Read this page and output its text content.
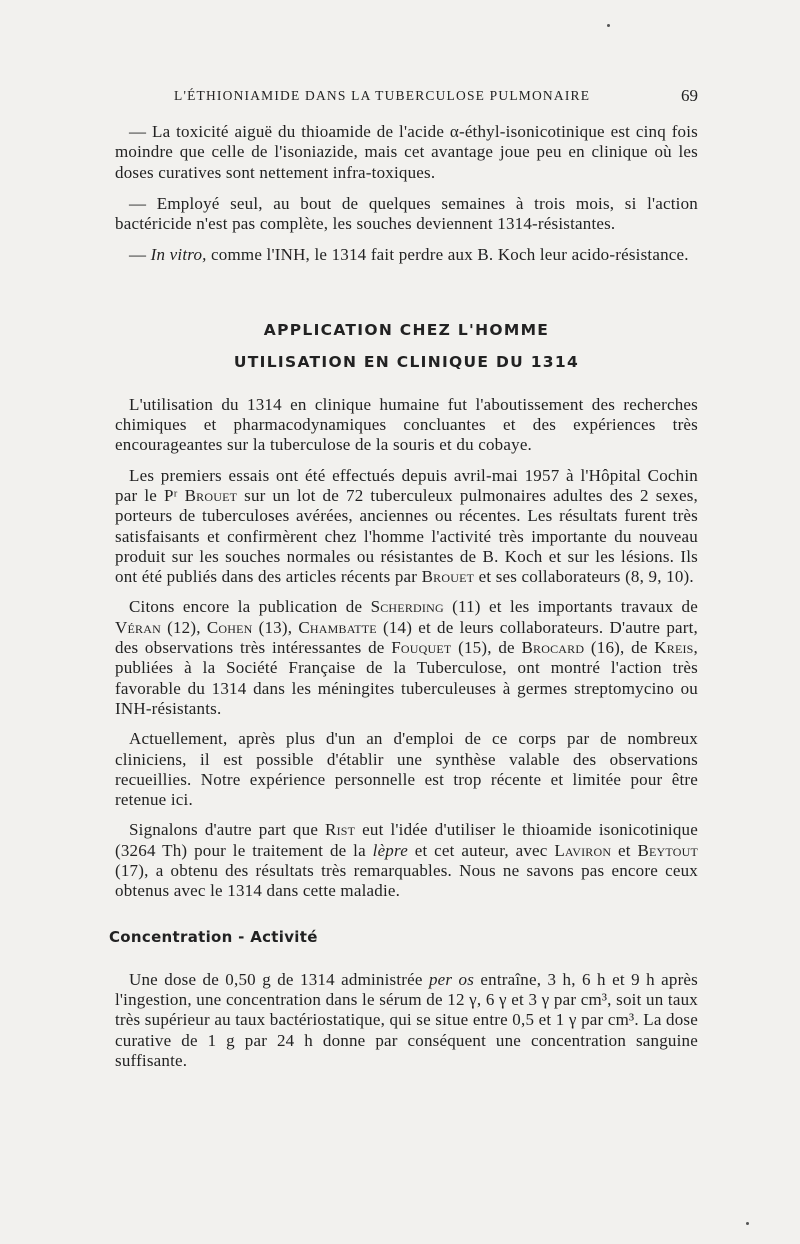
L'ÉTHIONIAMIDE DANS LA TUBERCULOSE PULMONAIRE	69

— La toxicité aiguë du thioamide de l'acide α-éthyl-isonicotinique est cinq fois moindre que celle de l'isoniazide, mais cet avantage joue peu en clinique où les doses curatives sont nettement infra-toxiques.

— Employé seul, au bout de quelques semaines à trois mois, si l'action bactéricide n'est pas complète, les souches deviennent 1314-résistantes.

— In vitro, comme l'INH, le 1314 fait perdre aux B. Koch leur acido-résistance.

APPLICATION CHEZ L'HOMME
UTILISATION EN CLINIQUE DU 1314

L'utilisation du 1314 en clinique humaine fut l'aboutissement des recherches chimiques et pharmacodynamiques concluantes et des expériences très encourageantes sur la tuberculose de la souris et du cobaye.

Les premiers essais ont été effectués depuis avril-mai 1957 à l'Hôpital Cochin par le Pʳ Brouet sur un lot de 72 tuberculeux pulmonaires adultes des 2 sexes, porteurs de tuberculoses avérées, anciennes ou récentes. Les résultats furent très satisfaisants et confirmèrent chez l'homme l'activité très importante du nouveau produit sur les souches normales ou résistantes de B. Koch et sur les lésions. Ils ont été publiés dans des articles récents par Brouet et ses collaborateurs (8, 9, 10).

Citons encore la publication de Scherding (11) et les importants travaux de Véran (12), Cohen (13), Chambatte (14) et de leurs collaborateurs. D'autre part, des observations très intéressantes de Fouquet (15), de Brocard (16), de Kreis, publiées à la Société Française de la Tuberculose, ont montré l'action très favorable du 1314 dans les méningites tuberculeuses à germes streptomycino ou INH-résistants.

Actuellement, après plus d'un an d'emploi de ce corps par de nombreux cliniciens, il est possible d'établir une synthèse valable des observations recueillies. Notre expérience personnelle est trop récente et limitée pour être retenue ici.

Signalons d'autre part que Rist eut l'idée d'utiliser le thioamide isonicotinique (3264 Th) pour le traitement de la lèpre et cet auteur, avec Laviron et Beytout (17), a obtenu des résultats très remarquables. Nous ne savons pas encore ceux obtenus avec le 1314 dans cette maladie.

Concentration - Activité

Une dose de 0,50 g de 1314 administrée per os entraîne, 3 h, 6 h et 9 h après l'ingestion, une concentration dans le sérum de 12 γ, 6 γ et 3 γ par cm³, soit un taux très supérieur au taux bactériostatique, qui se situe entre 0,5 et 1 γ par cm³. La dose curative de 1 g par 24 h donne par conséquent une concentration sanguine suffisante.
